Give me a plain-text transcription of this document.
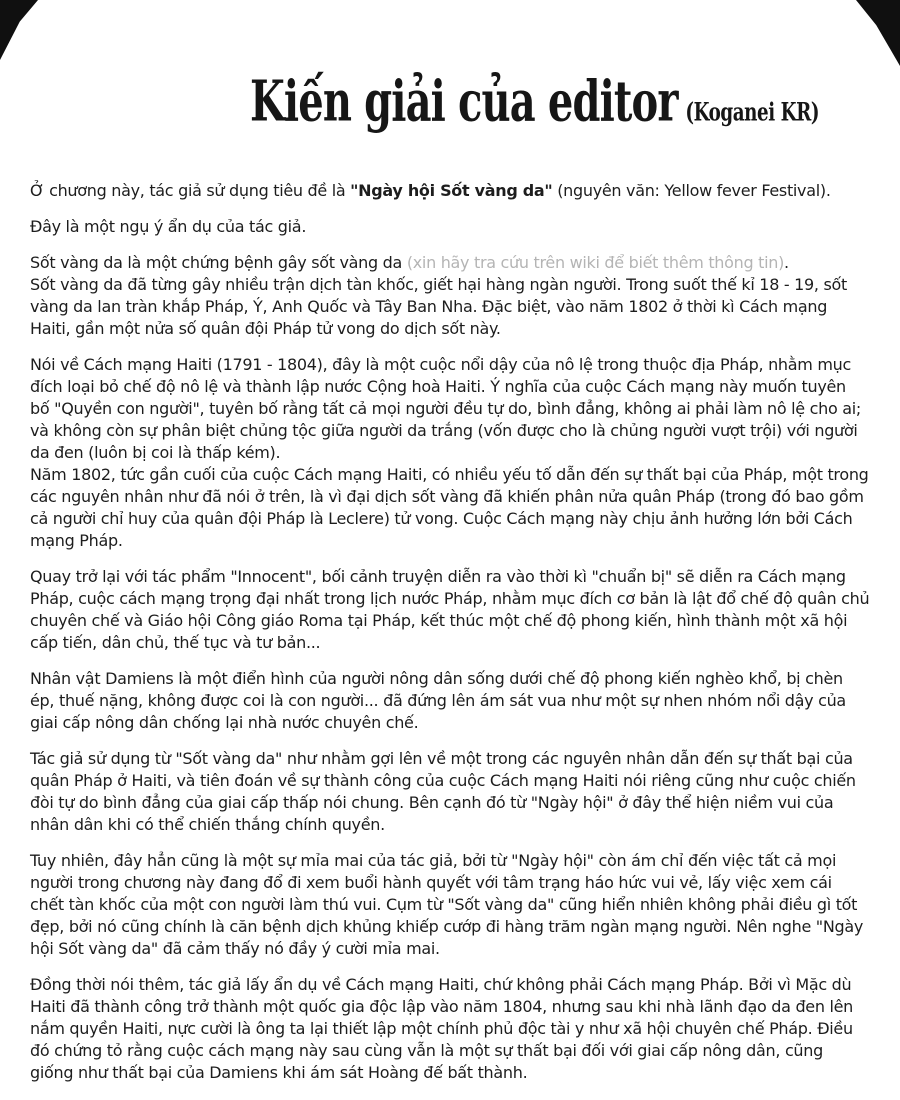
Kiến giải của editor (Koganei KR)

Ở chương này, tác giả sử dụng tiêu đề là "Ngày hội Sốt vàng da" (nguyên văn: Yellow fever Festival).

Đây là một ngụ ý ẩn dụ của tác giả.

Sốt vàng da là một chứng bệnh gây sốt vàng da (xin hãy tra cứu trên wiki để biết thêm thông tin).
Sốt vàng da đã từng gây nhiều trận dịch tàn khốc, giết hại hàng ngàn người. Trong suốt thế kỉ 18 - 19, sốt vàng da lan tràn khắp Pháp, Ý, Anh Quốc và Tây Ban Nha. Đặc biệt, vào năm 1802 ở thời kì Cách mạng Haiti, gần một nửa số quân đội Pháp tử vong do dịch sốt này.

Nói về Cách mạng Haiti (1791 - 1804), đây là một cuộc nổi dậy của nô lệ trong thuộc địa Pháp, nhằm mục đích loại bỏ chế độ nô lệ và thành lập nước Cộng hoà Haiti. Ý nghĩa của cuộc Cách mạng này muốn tuyên bố "Quyền con người", tuyên bố rằng tất cả mọi người đều tự do, bình đẳng, không ai phải làm nô lệ cho ai; và không còn sự phân biệt chủng tộc giữa người da trắng (vốn được cho là chủng người vượt trội) với người da đen (luôn bị coi là thấp kém).
Năm 1802, tức gần cuối của cuộc Cách mạng Haiti, có nhiều yếu tố dẫn đến sự thất bại của Pháp, một trong các nguyên nhân như đã nói ở trên, là vì đại dịch sốt vàng đã khiến phân nửa quân Pháp (trong đó bao gồm cả người chỉ huy của quân đội Pháp là Leclere) tử vong. Cuộc Cách mạng này chịu ảnh hưởng lớn bởi Cách mạng Pháp.

Quay trở lại với tác phẩm "Innocent", bối cảnh truyện diễn ra vào thời kì "chuẩn bị" sẽ diễn ra Cách mạng Pháp, cuộc cách mạng trọng đại nhất trong lịch nước Pháp, nhằm mục đích cơ bản là lật đổ chế độ quân chủ chuyên chế và Giáo hội Công giáo Roma tại Pháp, kết thúc một chế độ phong kiến, hình thành một xã hội cấp tiến, dân chủ, thế tục và tư bản...

Nhân vật Damiens là một điển hình của người nông dân sống dưới chế độ phong kiến nghèo khổ, bị chèn ép, thuế nặng, không được coi là con người... đã đứng lên ám sát vua như một sự nhen nhóm nổi dậy của giai cấp nông dân chống lại nhà nước chuyên chế.

Tác giả sử dụng từ "Sốt vàng da" như nhằm gợi lên về một trong các nguyên nhân dẫn đến sự thất bại của quân Pháp ở Haiti, và tiên đoán về sự thành công của cuộc Cách mạng Haiti nói riêng cũng như cuộc chiến đòi tự do bình đẳng của giai cấp thấp nói chung. Bên cạnh đó từ "Ngày hội" ở đây thể hiện niềm vui của nhân dân khi có thể chiến thắng chính quyền.

Tuy nhiên, đây hẳn cũng là một sự mỉa mai của tác giả, bởi từ "Ngày hội" còn ám chỉ đến việc tất cả mọi người trong chương này đang đổ đi xem buổi hành quyết với tâm trạng háo hức vui vẻ, lấy việc xem cái chết tàn khốc của một con người làm thú vui. Cụm từ "Sốt vàng da" cũng hiển nhiên không phải điều gì tốt đẹp, bởi nó cũng chính là căn bệnh dịch khủng khiếp cướp đi hàng trăm ngàn mạng người. Nên nghe "Ngày hội Sốt vàng da" đã cảm thấy nó đầy ý cười mỉa mai.

Đồng thời nói thêm, tác giả lấy ẩn dụ về Cách mạng Haiti, chứ không phải Cách mạng Pháp. Bởi vì Mặc dù Haiti đã thành công trở thành một quốc gia độc lập vào năm 1804, nhưng sau khi nhà lãnh đạo da đen lên nắm quyền Haiti, nực cười là ông ta lại thiết lập một chính phủ độc tài y như xã hội chuyên chế Pháp. Điều đó chứng tỏ rằng cuộc cách mạng này sau cùng vẫn là một sự thất bại đối với giai cấp nông dân, cũng giống như thất bại của Damiens khi ám sát Hoàng đế bất thành.
